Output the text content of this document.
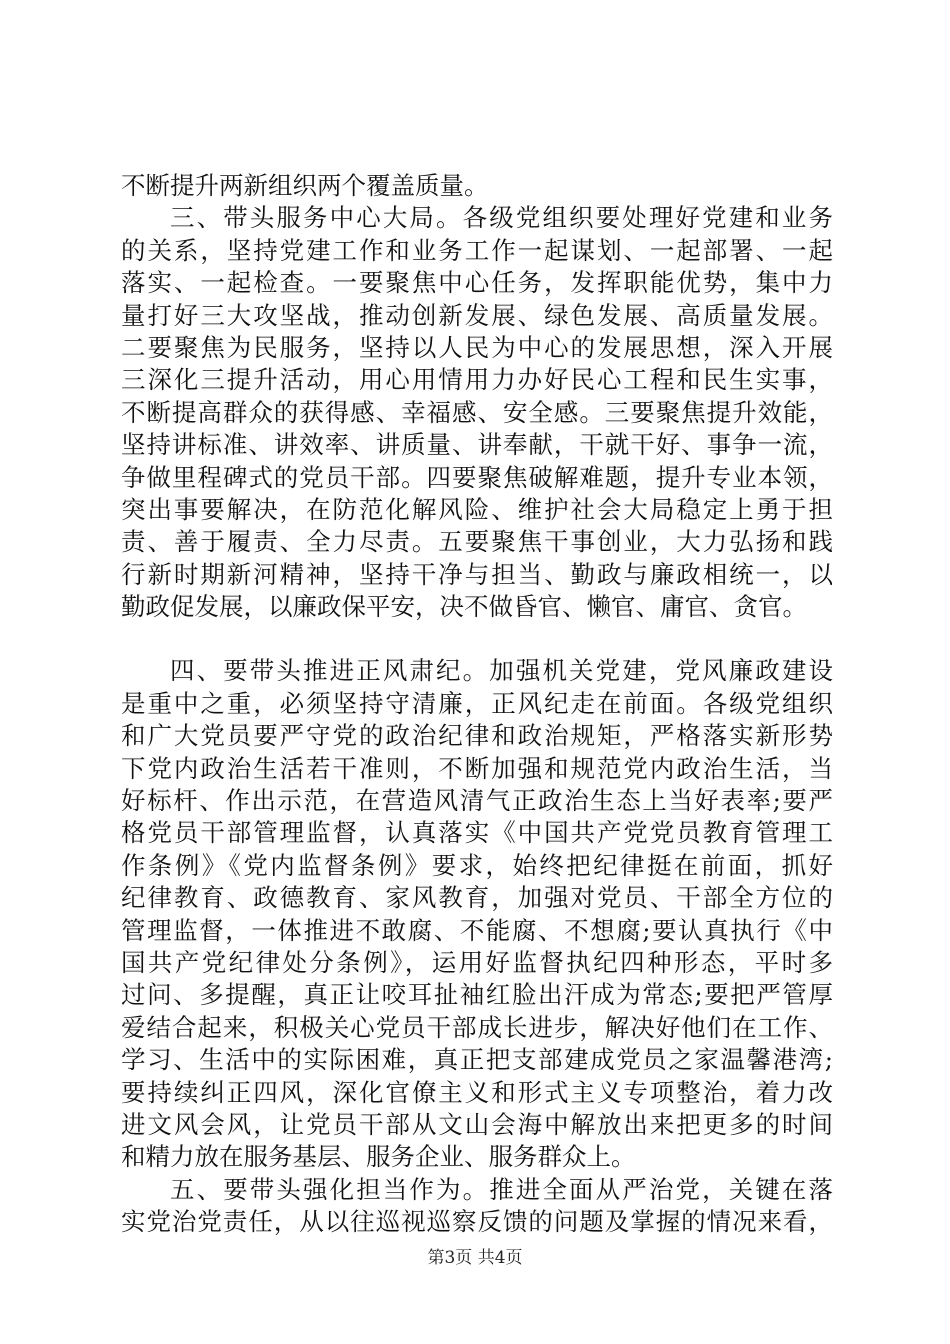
不断提升两新组织两个覆盖质量。
三、带头服务中心大局。各级党组织要处理好党建和业务
的关系，坚持党建工作和业务工作一起谋划、一起部署、一起
落实、一起检查。一要聚焦中心任务，发挥职能优势，集中力
量打好三大攻坚战，推动创新发展、绿色发展、高质量发展。
二要聚焦为民服务，坚持以人民为中心的发展思想，深入开展
三深化三提升活动，用心用情用力办好民心工程和民生实事，
不断提高群众的获得感、幸福感、安全感。三要聚焦提升效能，
坚持讲标准、讲效率、讲质量、讲奉献，干就干好、事争一流，
争做里程碑式的党员干部。四要聚焦破解难题，提升专业本领，
突出事要解决，在防范化解风险、维护社会大局稳定上勇于担
责、善于履责、全力尽责。五要聚焦干事创业，大力弘扬和践
行新时期新河精神，坚持干净与担当、勤政与廉政相统一，以
勤政促发展，以廉政保平安，决不做昏官、懒官、庸官、贪官。
四、要带头推进正风肃纪。加强机关党建，党风廉政建设
是重中之重，必须坚持守清廉，正风纪走在前面。各级党组织
和广大党员要严守党的政治纪律和政治规矩，严格落实新形势
下党内政治生活若干准则，不断加强和规范党内政治生活，当
好标杆、作出示范，在营造风清气正政治生态上当好表率;要严
格党员干部管理监督，认真落实《中国共产党党员教育管理工
作条例》《党内监督条例》要求，始终把纪律挺在前面，抓好
纪律教育、政德教育、家风教育，加强对党员、干部全方位的
管理监督，一体推进不敢腐、不能腐、不想腐;要认真执行《中
国共产党纪律处分条例》，运用好监督执纪四种形态，平时多
过问、多提醒，真正让咬耳扯袖红脸出汗成为常态;要把严管厚
爱结合起来，积极关心党员干部成长进步，解决好他们在工作、
学习、生活中的实际困难，真正把支部建成党员之家温馨港湾;
要持续纠正四风，深化官僚主义和形式主义专项整治，着力改
进文风会风，让党员干部从文山会海中解放出来把更多的时间
和精力放在服务基层、服务企业、服务群众上。
五、要带头强化担当作为。推进全面从严治党，关键在落
实党治党责任，从以往巡视巡察反馈的问题及掌握的情况来看，
第3页 共4页
